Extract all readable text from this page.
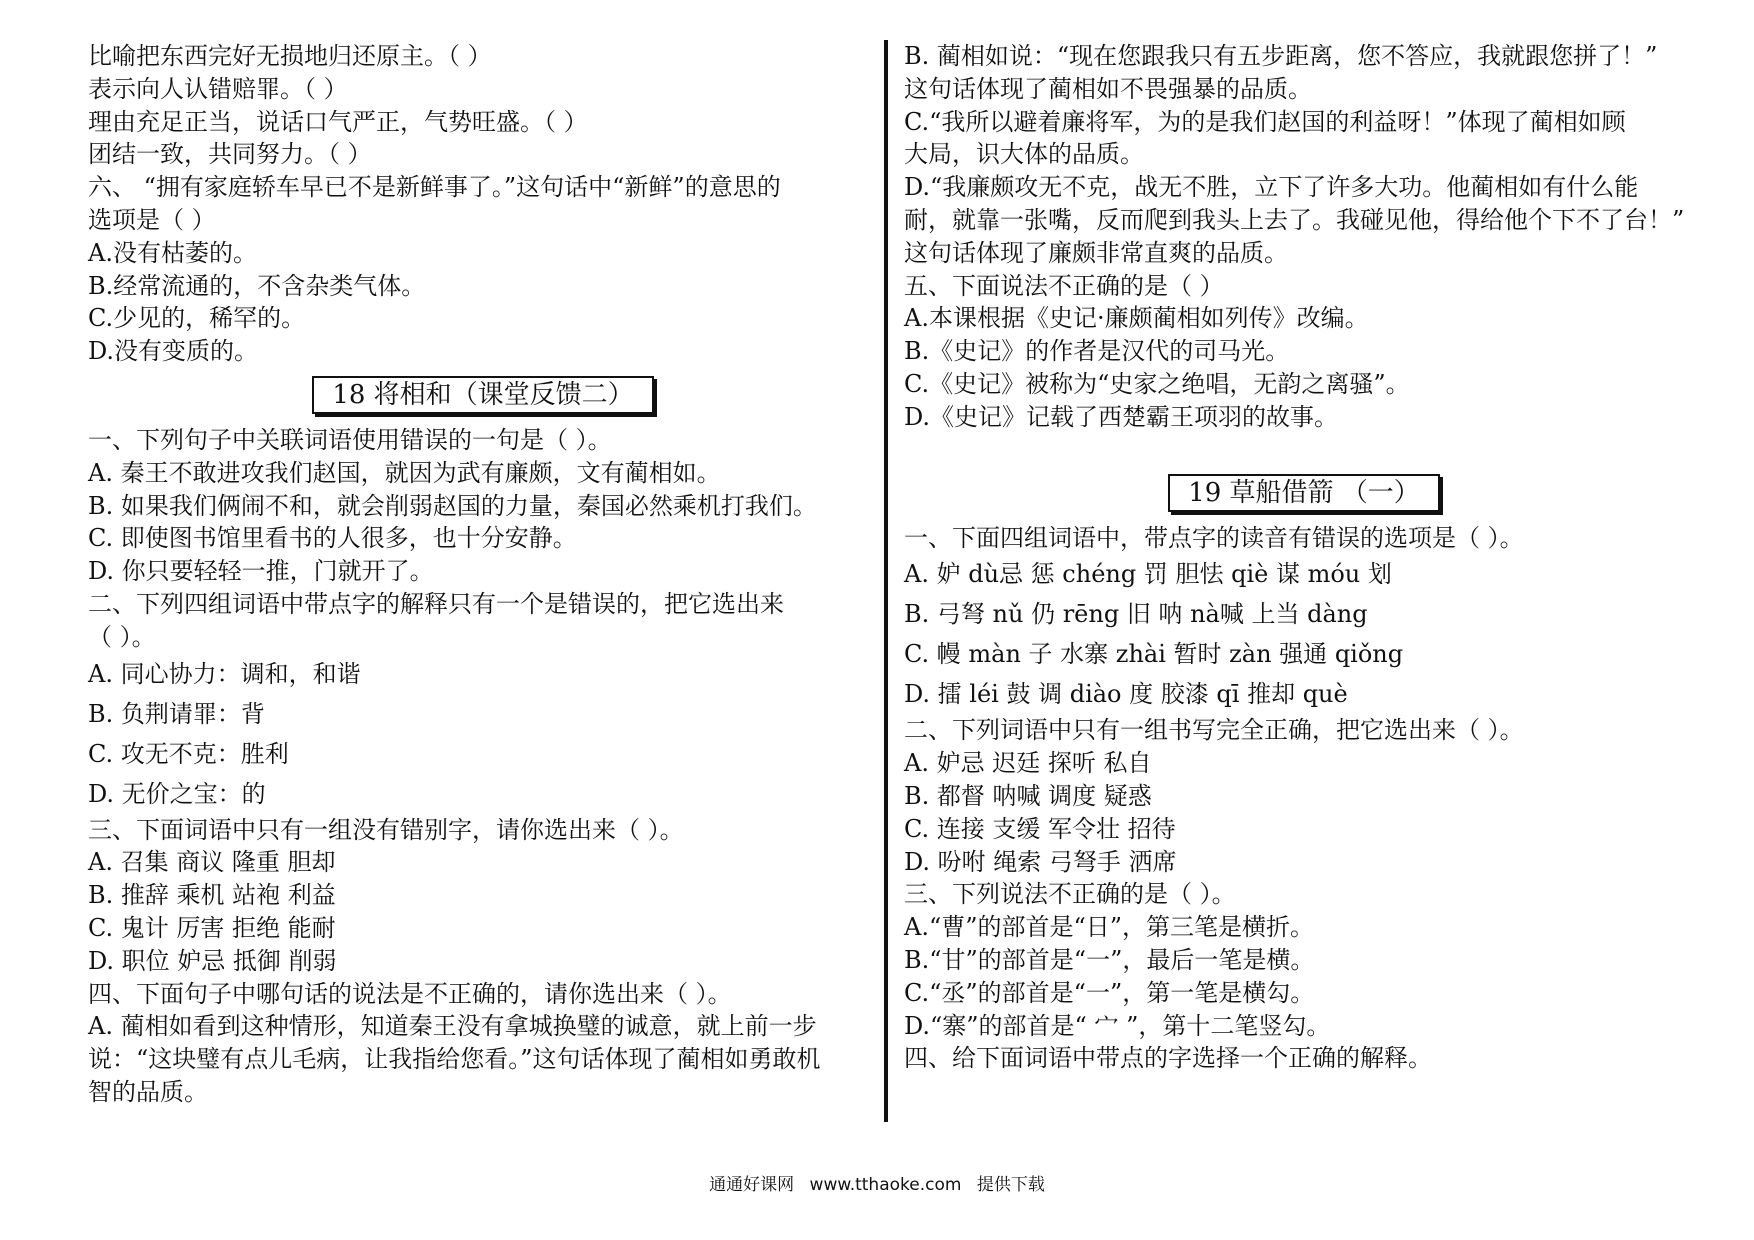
比喻把东西完好无损地归还原主。（ ）
表示向人认错赔罪。（ ）
理由充足正当，说话口气严正，气势旺盛。（ ）
团结一致，共同努力。（ ）
六、 “拥有家庭轿车早已不是新鲜事了。”这句话中“新鲜”的意思的
选项是（ ）
A.没有枯萎的。
B.经常流通的，不含杂类气体。
C.少见的，稀罕的。
D.没有变质的。
18 将相和（课堂反馈二）
一、下列句子中关联词语使用错误的一句是（ ）。
A. 秦王不敢进攻我们赵国，就因为武有廉颇，文有蔺相如。
B. 如果我们俩闹不和，就会削弱赵国的力量，秦国必然乘机打我们。
C. 即使图书馆里看书的人很多，也十分安静。
D. 你只要轻轻一推，门就开了。
二、下列四组词语中带点字的解释只有一个是错误的，把它选出来
（ ）。
A. 同心协力：调和，和谐
B. 负荆请罪：背
C. 攻无不克：胜利
D. 无价之宝：的
三、下面词语中只有一组没有错别字，请你选出来（ ）。
A. 召集 商议 隆重 胆却
B. 推辞 乘机 站袍 利益
C. 鬼计 厉害 拒绝 能耐
D. 职位 妒忌 抵御 削弱
四、下面句子中哪句话的说法是不正确的，请你选出来（ ）。
A. 蔺相如看到这种情形，知道秦王没有拿城换璧的诚意，就上前一步
说：“这块璧有点儿毛病，让我指给您看。”这句话体现了蔺相如勇敢机
智的品质。
B. 蔺相如说：“现在您跟我只有五步距离，您不答应，我就跟您拼了！”
这句话体现了蔺相如不畏强暴的品质。
C.“我所以避着廉将军，为的是我们赵国的利益呀！”体现了蔺相如顾
大局，识大体的品质。
D.“我廉颇攻无不克，战无不胜，立下了许多大功。他蔺相如有什么能
耐，就靠一张嘴，反而爬到我头上去了。我碰见他，得给他个下不了台！”
这句话体现了廉颇非常直爽的品质。
五、下面说法不正确的是（ ）
A.本课根据《史记·廉颇蔺相如列传》改编。
B.《史记》的作者是汉代的司马光。
C.《史记》被称为“史家之绝唱，无韵之离骚”。
D.《史记》记载了西楚霸王项羽的故事。
19 草船借箭 （一）
一、下面四组词语中，带点字的读音有错误的选项是（ ）。
A. 妒 dù忌 惩 chéng 罚 胆怯 qiè 谋 móu 划
B. 弓弩 nǔ 仍 rēng 旧 呐 nà喊 上当 dàng
C. 幔 màn 子 水寨 zhài 暂时 zàn 强通 qiǒng
D. 擂 léi 鼓 调 diào 度 胶漆 qī 推却 què
二、下列词语中只有一组书写完全正确，把它选出来（ ）。
A. 妒忌 迟廷 探听 私自
B. 都督 呐喊 调度 疑惑
C. 连接 支缓 军令壮 招待
D. 吩咐 绳索 弓弩手 洒席
三、下列说法不正确的是（ ）。
A.“曹”的部首是“日”，第三笔是横折。
B.“甘”的部首是“一”，最后一笔是横。
C.“丞”的部首是“一”，第一笔是横勾。
D.“寨”的部首是“ 宀 ”，第十二笔竖勾。
四、给下面词语中带点的字选择一个正确的解释。
通通好课网 www.tthaoke.com 提供下载
